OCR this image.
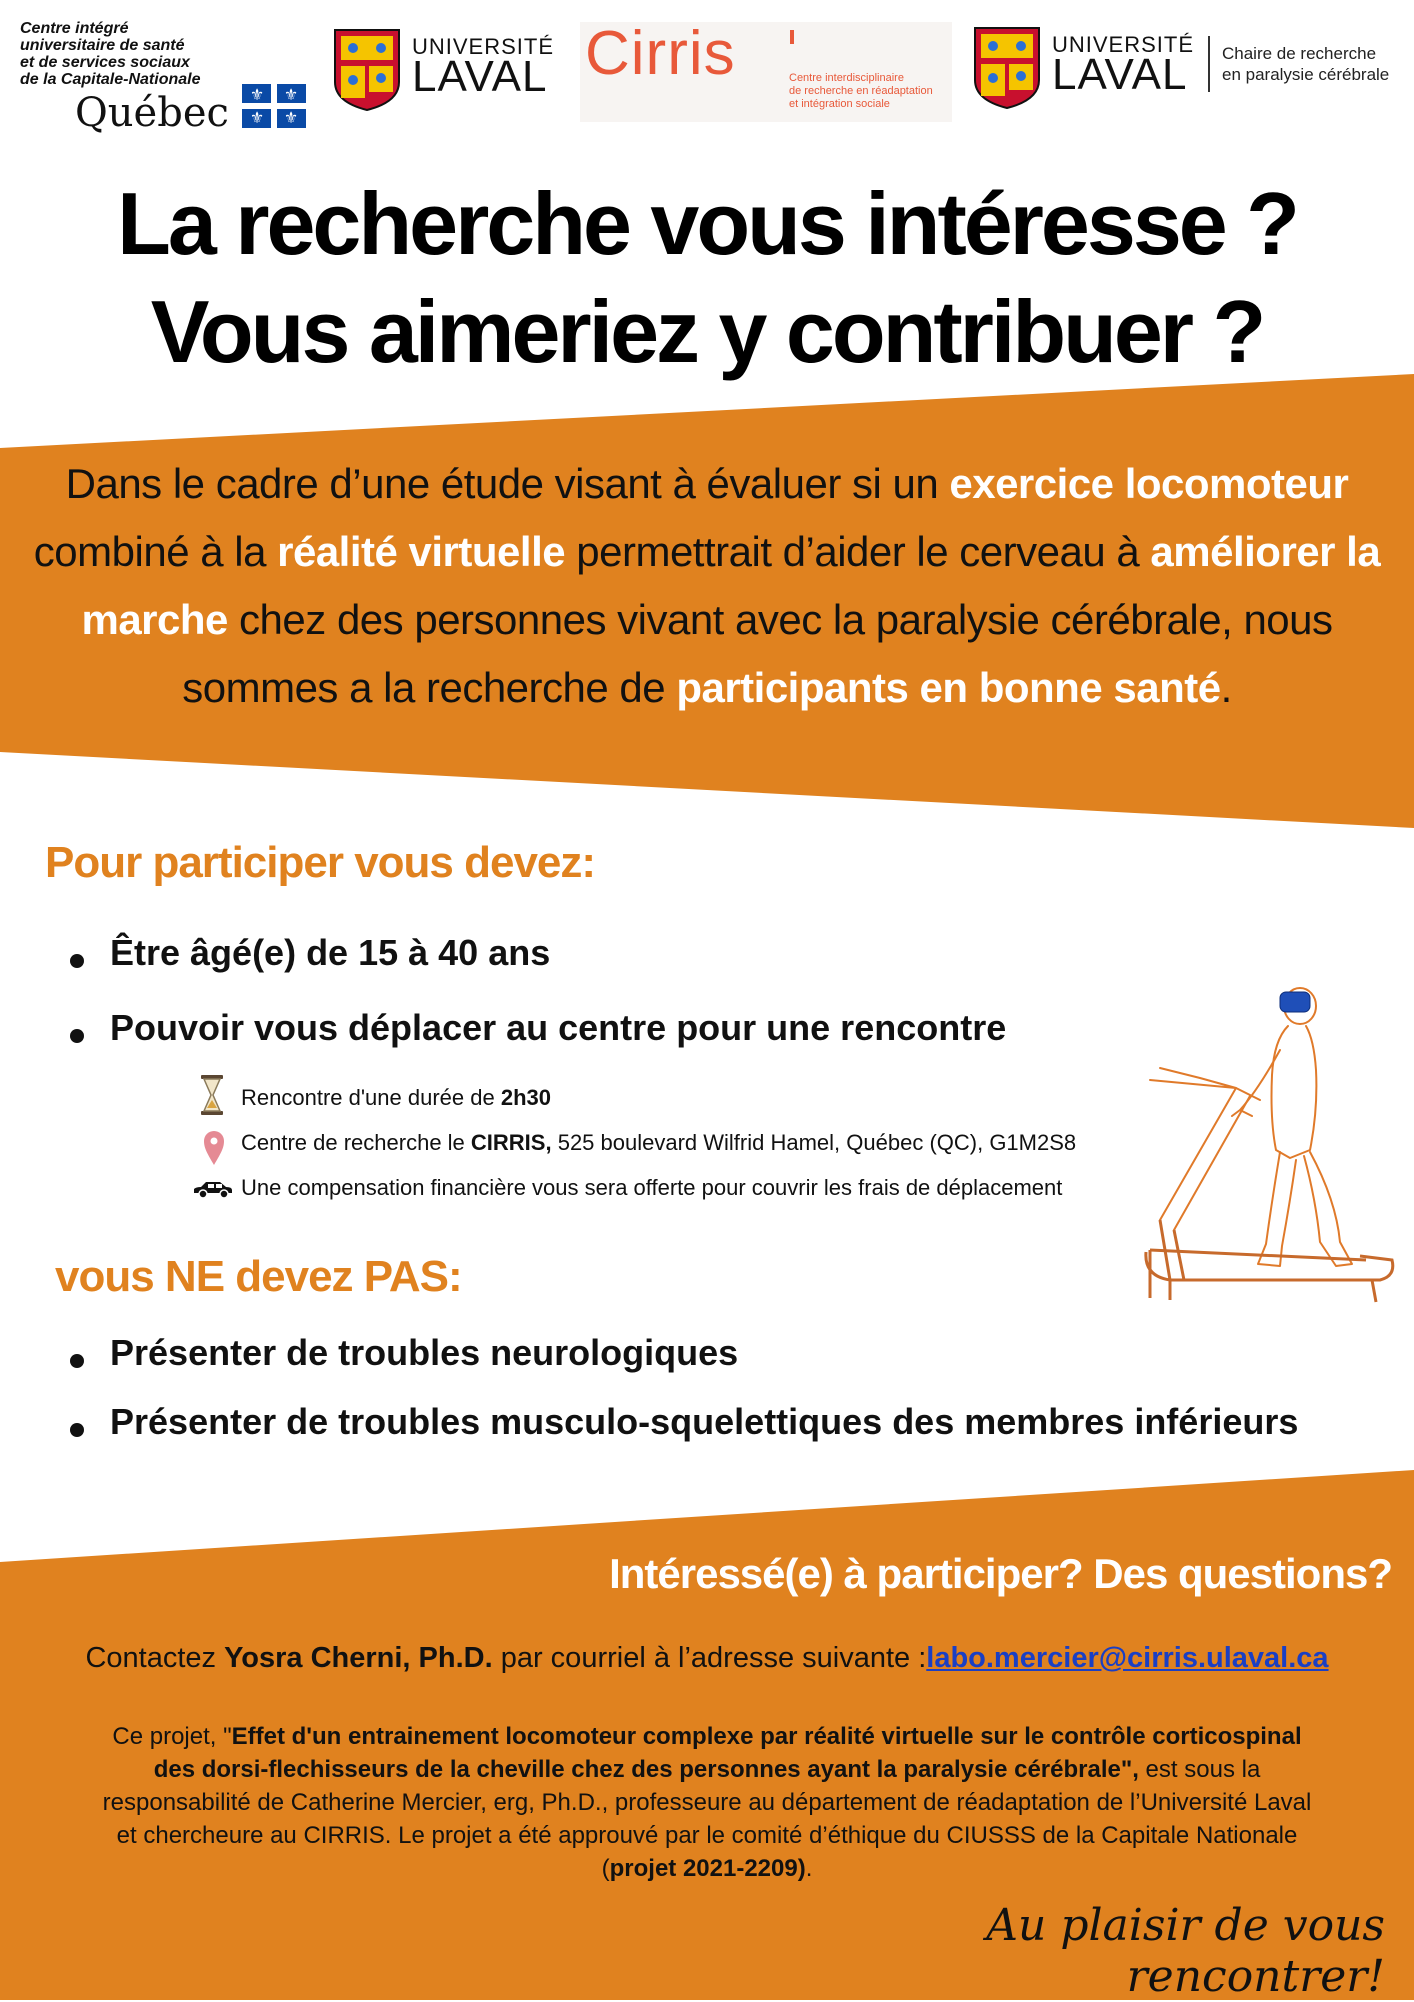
Centre intégré
universitaire de santé
et de services sociaux
de la Capitale-Nationale
Québec ⚜ ⚜
⚜ ⚜
UNIVERSITÉ
LAVAL Cirris	Centre interdisciplinaire
de recherche en réadaptation
et intégration sociale
UNIVERSITÉ
LAVAL Chaire de recherche
en paralysie cérébrale
La recherche vous intéresse ?
Vous aimeriez y contribuer ?
Dans le cadre d’une étude visant à évaluer si un exercice locomoteur combiné à la réalité virtuelle permettrait d’aider le cerveau à améliorer la marche chez des personnes vivant avec la paralysie cérébrale, nous sommes a la recherche de participants en bonne santé.
Pour participer vous devez:
Être âgé(e) de 15 à 40 ans
Pouvoir vous déplacer au centre pour une rencontre
Rencontre d'une durée de 2h30
Centre de recherche le CIRRIS, 525 boulevard Wilfrid Hamel, Québec (QC), G1M2S8
Une compensation financière vous sera offerte pour couvrir les frais de déplacement
vous NE devez PAS:
Présenter de troubles neurologiques
Présenter de troubles musculo-squelettiques des membres inférieurs
Intéressé(e) à participer? Des questions?
Contactez Yosra Cherni, Ph.D. par courriel à l’adresse suivante :labo.mercier@cirris.ulaval.ca
Ce projet, "Effet d'un entrainement locomoteur complexe par réalité virtuelle sur le contrôle corticospinal des dorsi-flechisseurs de la cheville chez des personnes ayant la paralysie cérébrale", est sous la responsabilité de Catherine Mercier, erg, Ph.D., professeure au département de réadaptation de l’Université Laval et chercheure au CIRRIS. Le projet a été approuvé par le comité d’éthique du CIUSSS de la Capitale Nationale (projet 2021-2209).
Au plaisir de vous rencontrer!
